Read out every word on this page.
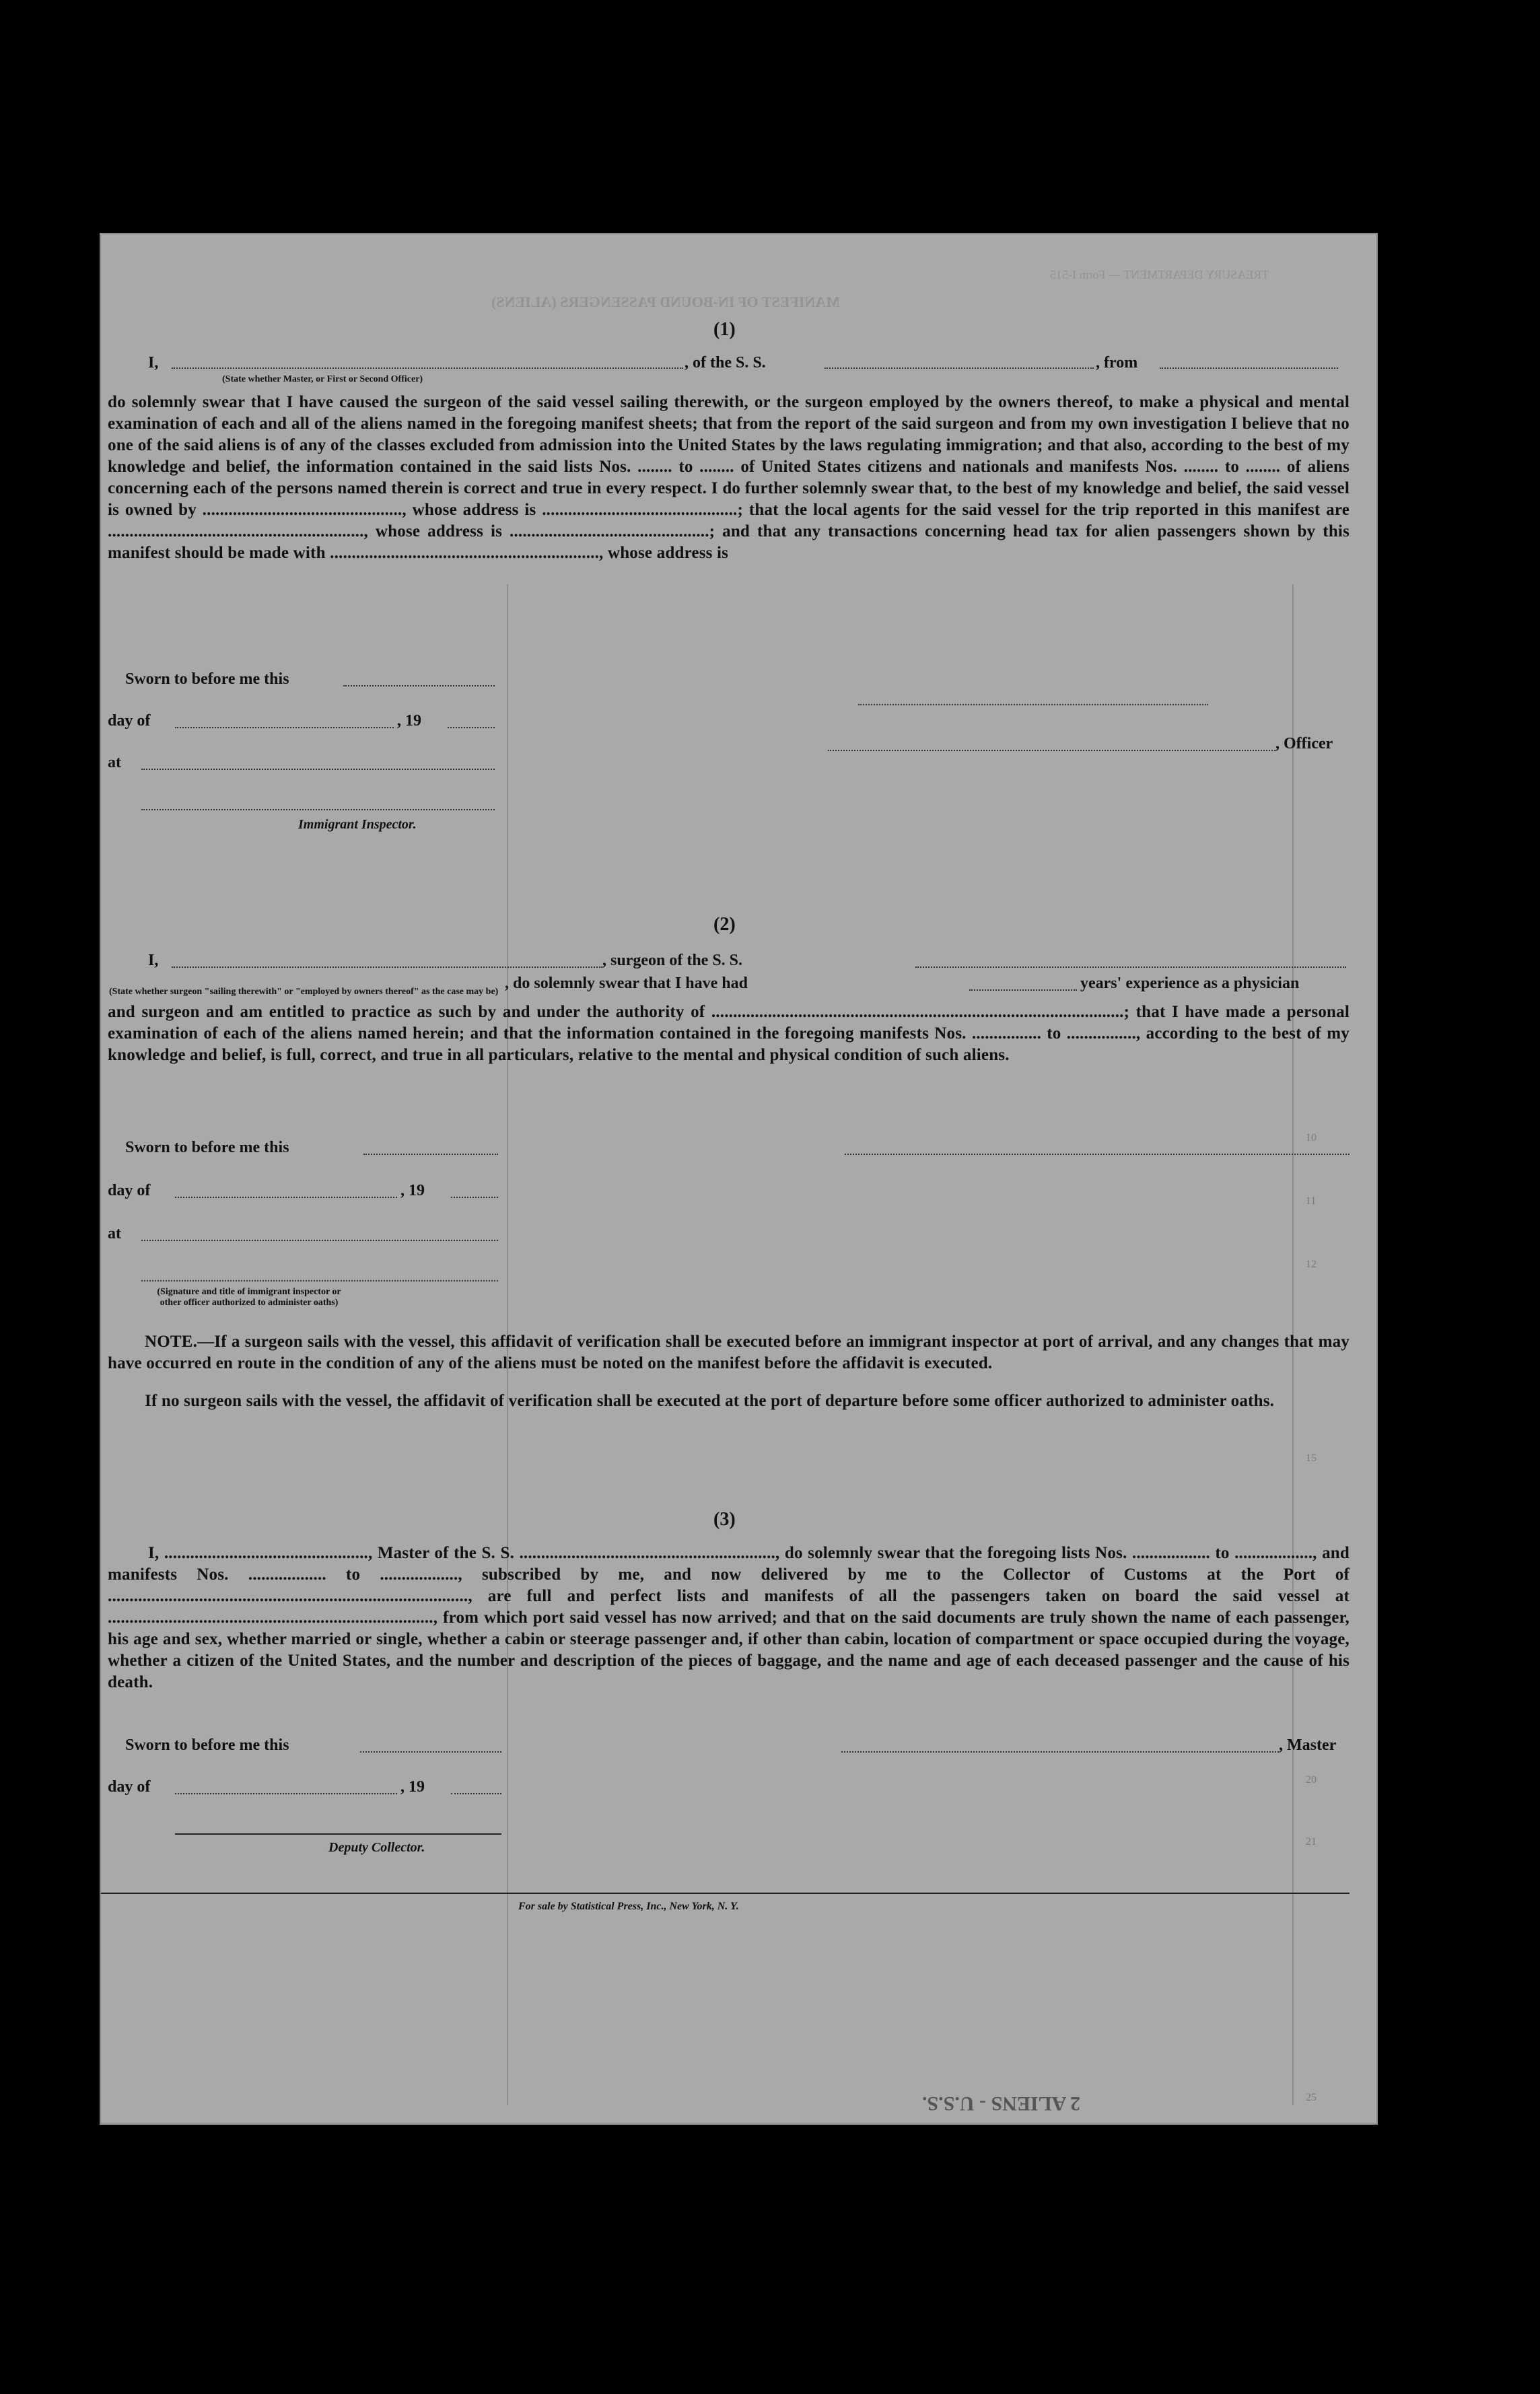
MANIFEST OF IN-BOUND PASSENGERS (ALIENS)
TREASURY DEPARTMENT — Form I-515
(1)
I,	, of the S. S.	, from
(State whether Master, or First or Second Officer)
do solemnly swear that I have caused the surgeon of the said vessel sailing therewith, or the surgeon employed by the owners thereof, to make a physical and mental examination of each and all of the aliens named in the foregoing manifest sheets; that from the report of the said surgeon and from my own investigation I believe that no one of the said aliens is of any of the classes excluded from admission into the United States by the laws regulating immigration; and that also, according to the best of my knowledge and belief, the information contained in the said lists Nos. ........ to ........ of United States citizens and nationals and manifests Nos. ........ to ........ of aliens concerning each of the persons named therein is correct and true in every respect. I do further solemnly swear that, to the best of my knowledge and belief, the said vessel is owned by .............................................., whose address is .............................................; that the local agents for the said vessel for the trip reported in this manifest are ..........................................................., whose address is ..............................................; and that any transactions concerning head tax for alien passengers shown by this manifest should be made with .............................................................., whose address is
Sworn to before me this
day of	, 19
at
Immigrant Inspector.
, Officer
(2)
I,	, surgeon of the S. S.
(State whether surgeon "sailing therewith" or "employed by owners thereof" as the case may be) , do solemnly swear that I have had	years' experience as a physician
and surgeon and am entitled to practice as such by and under the authority of ...............................................................................................; that I have made a personal examination of each of the aliens named herein; and that the information contained in the foregoing manifests Nos. ................ to ................, according to the best of my knowledge and belief, is full, correct, and true in all particulars, relative to the mental and physical condition of such aliens.
Sworn to before me this
day of	, 19
at
(Signature and title of immigrant inspector or other officer authorized to administer oaths)
NOTE.—If a surgeon sails with the vessel, this affidavit of verification shall be executed before an immigrant inspector at port of arrival, and any changes that may have occurred en route in the condition of any of the aliens must be noted on the manifest before the affidavit is executed.
If no surgeon sails with the vessel, the affidavit of verification shall be executed at the port of departure before some officer authorized to administer oaths.
(3)
I, ..............................................., Master of the S. S. ..........................................................., do solemnly swear that the foregoing lists Nos. .................. to .................., and manifests Nos. .................. to .................., subscribed by me, and now delivered by me to the Collector of Customs at the Port of ..................................................................................., are full and perfect lists and manifests of all the passengers taken on board the said vessel at ..........................................................................., from which port said vessel has now arrived; and that on the said documents are truly shown the name of each passenger, his age and sex, whether married or single, whether a cabin or steerage passenger and, if other than cabin, location of compartment or space occupied during the voyage, whether a citizen of the United States, and the number and description of the pieces of baggage, and the name and age of each deceased passenger and the cause of his death.
Sworn to before me this	, Master
day of	, 19
Deputy Collector.
For sale by Statistical Press, Inc., New York, N. Y.
10
11
12
15
20
21
25
2 ALIENS - U.S.S.
